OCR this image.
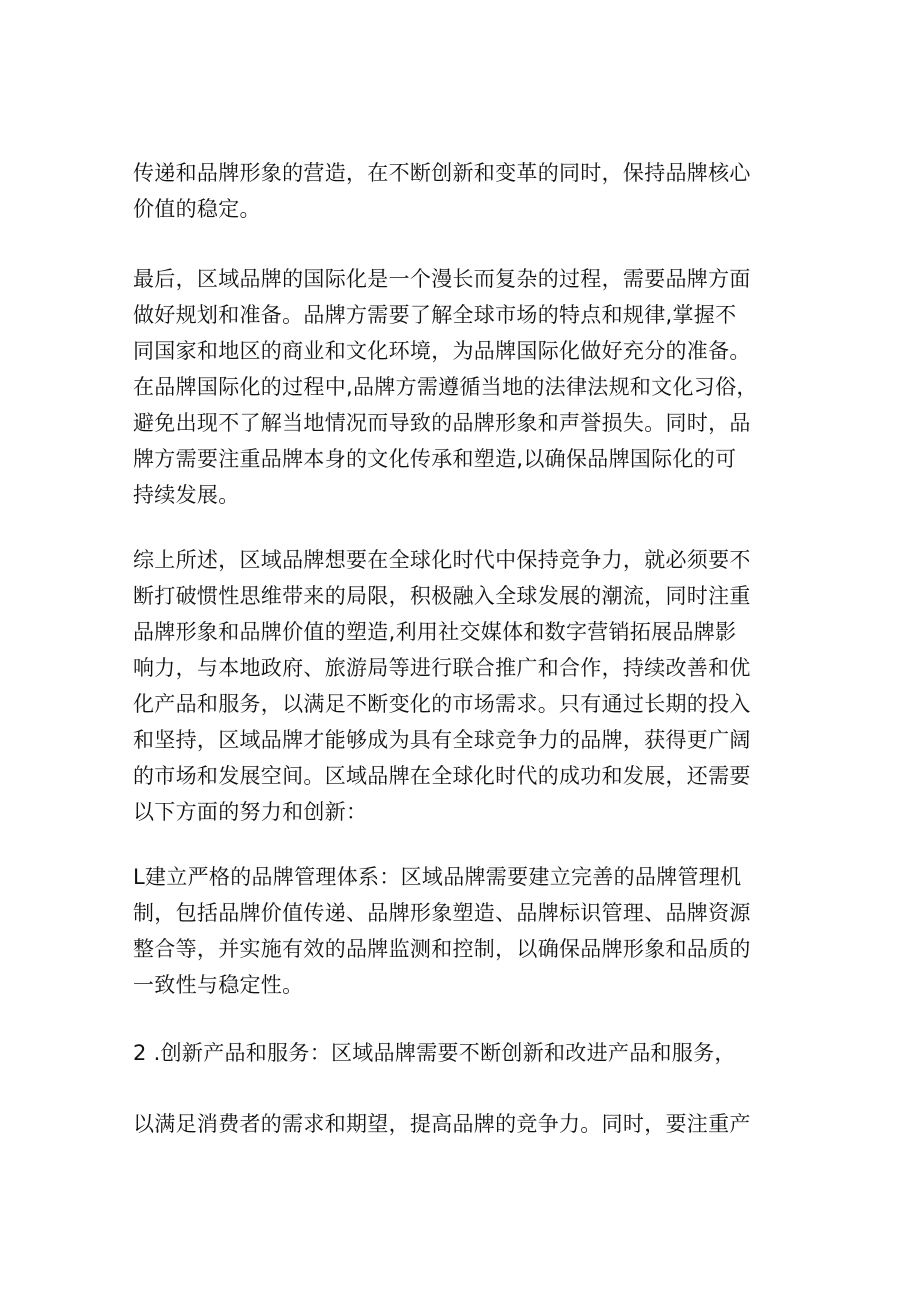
传递和品牌形象的营造，在不断创新和变革的同时，保持品牌核心
价值的稳定。

最后，区域品牌的国际化是一个漫长而复杂的过程，需要品牌方面
做好规划和准备。品牌方需要了解全球市场的特点和规律,掌握不
同国家和地区的商业和文化环境，为品牌国际化做好充分的准备。
在品牌国际化的过程中,品牌方需遵循当地的法律法规和文化习俗，
避免出现不了解当地情况而导致的品牌形象和声誉损失。同时，品
牌方需要注重品牌本身的文化传承和塑造,以确保品牌国际化的可
持续发展。

综上所述，区域品牌想要在全球化时代中保持竞争力，就必须要不
断打破惯性思维带来的局限，积极融入全球发展的潮流，同时注重
品牌形象和品牌价值的塑造,利用社交媒体和数字营销拓展品牌影
响力，与本地政府、旅游局等进行联合推广和合作，持续改善和优
化产品和服务，以满足不断变化的市场需求。只有通过长期的投入
和坚持，区域品牌才能够成为具有全球竞争力的品牌，获得更广阔
的市场和发展空间。区域品牌在全球化时代的成功和发展，还需要
以下方面的努力和创新：

L建立严格的品牌管理体系：区域品牌需要建立完善的品牌管理机
制，包括品牌价值传递、品牌形象塑造、品牌标识管理、品牌资源
整合等，并实施有效的品牌监测和控制，以确保品牌形象和品质的
一致性与稳定性。

2 .创新产品和服务：区域品牌需要不断创新和改进产品和服务，

以满足消费者的需求和期望，提高品牌的竞争力。同时，要注重产
